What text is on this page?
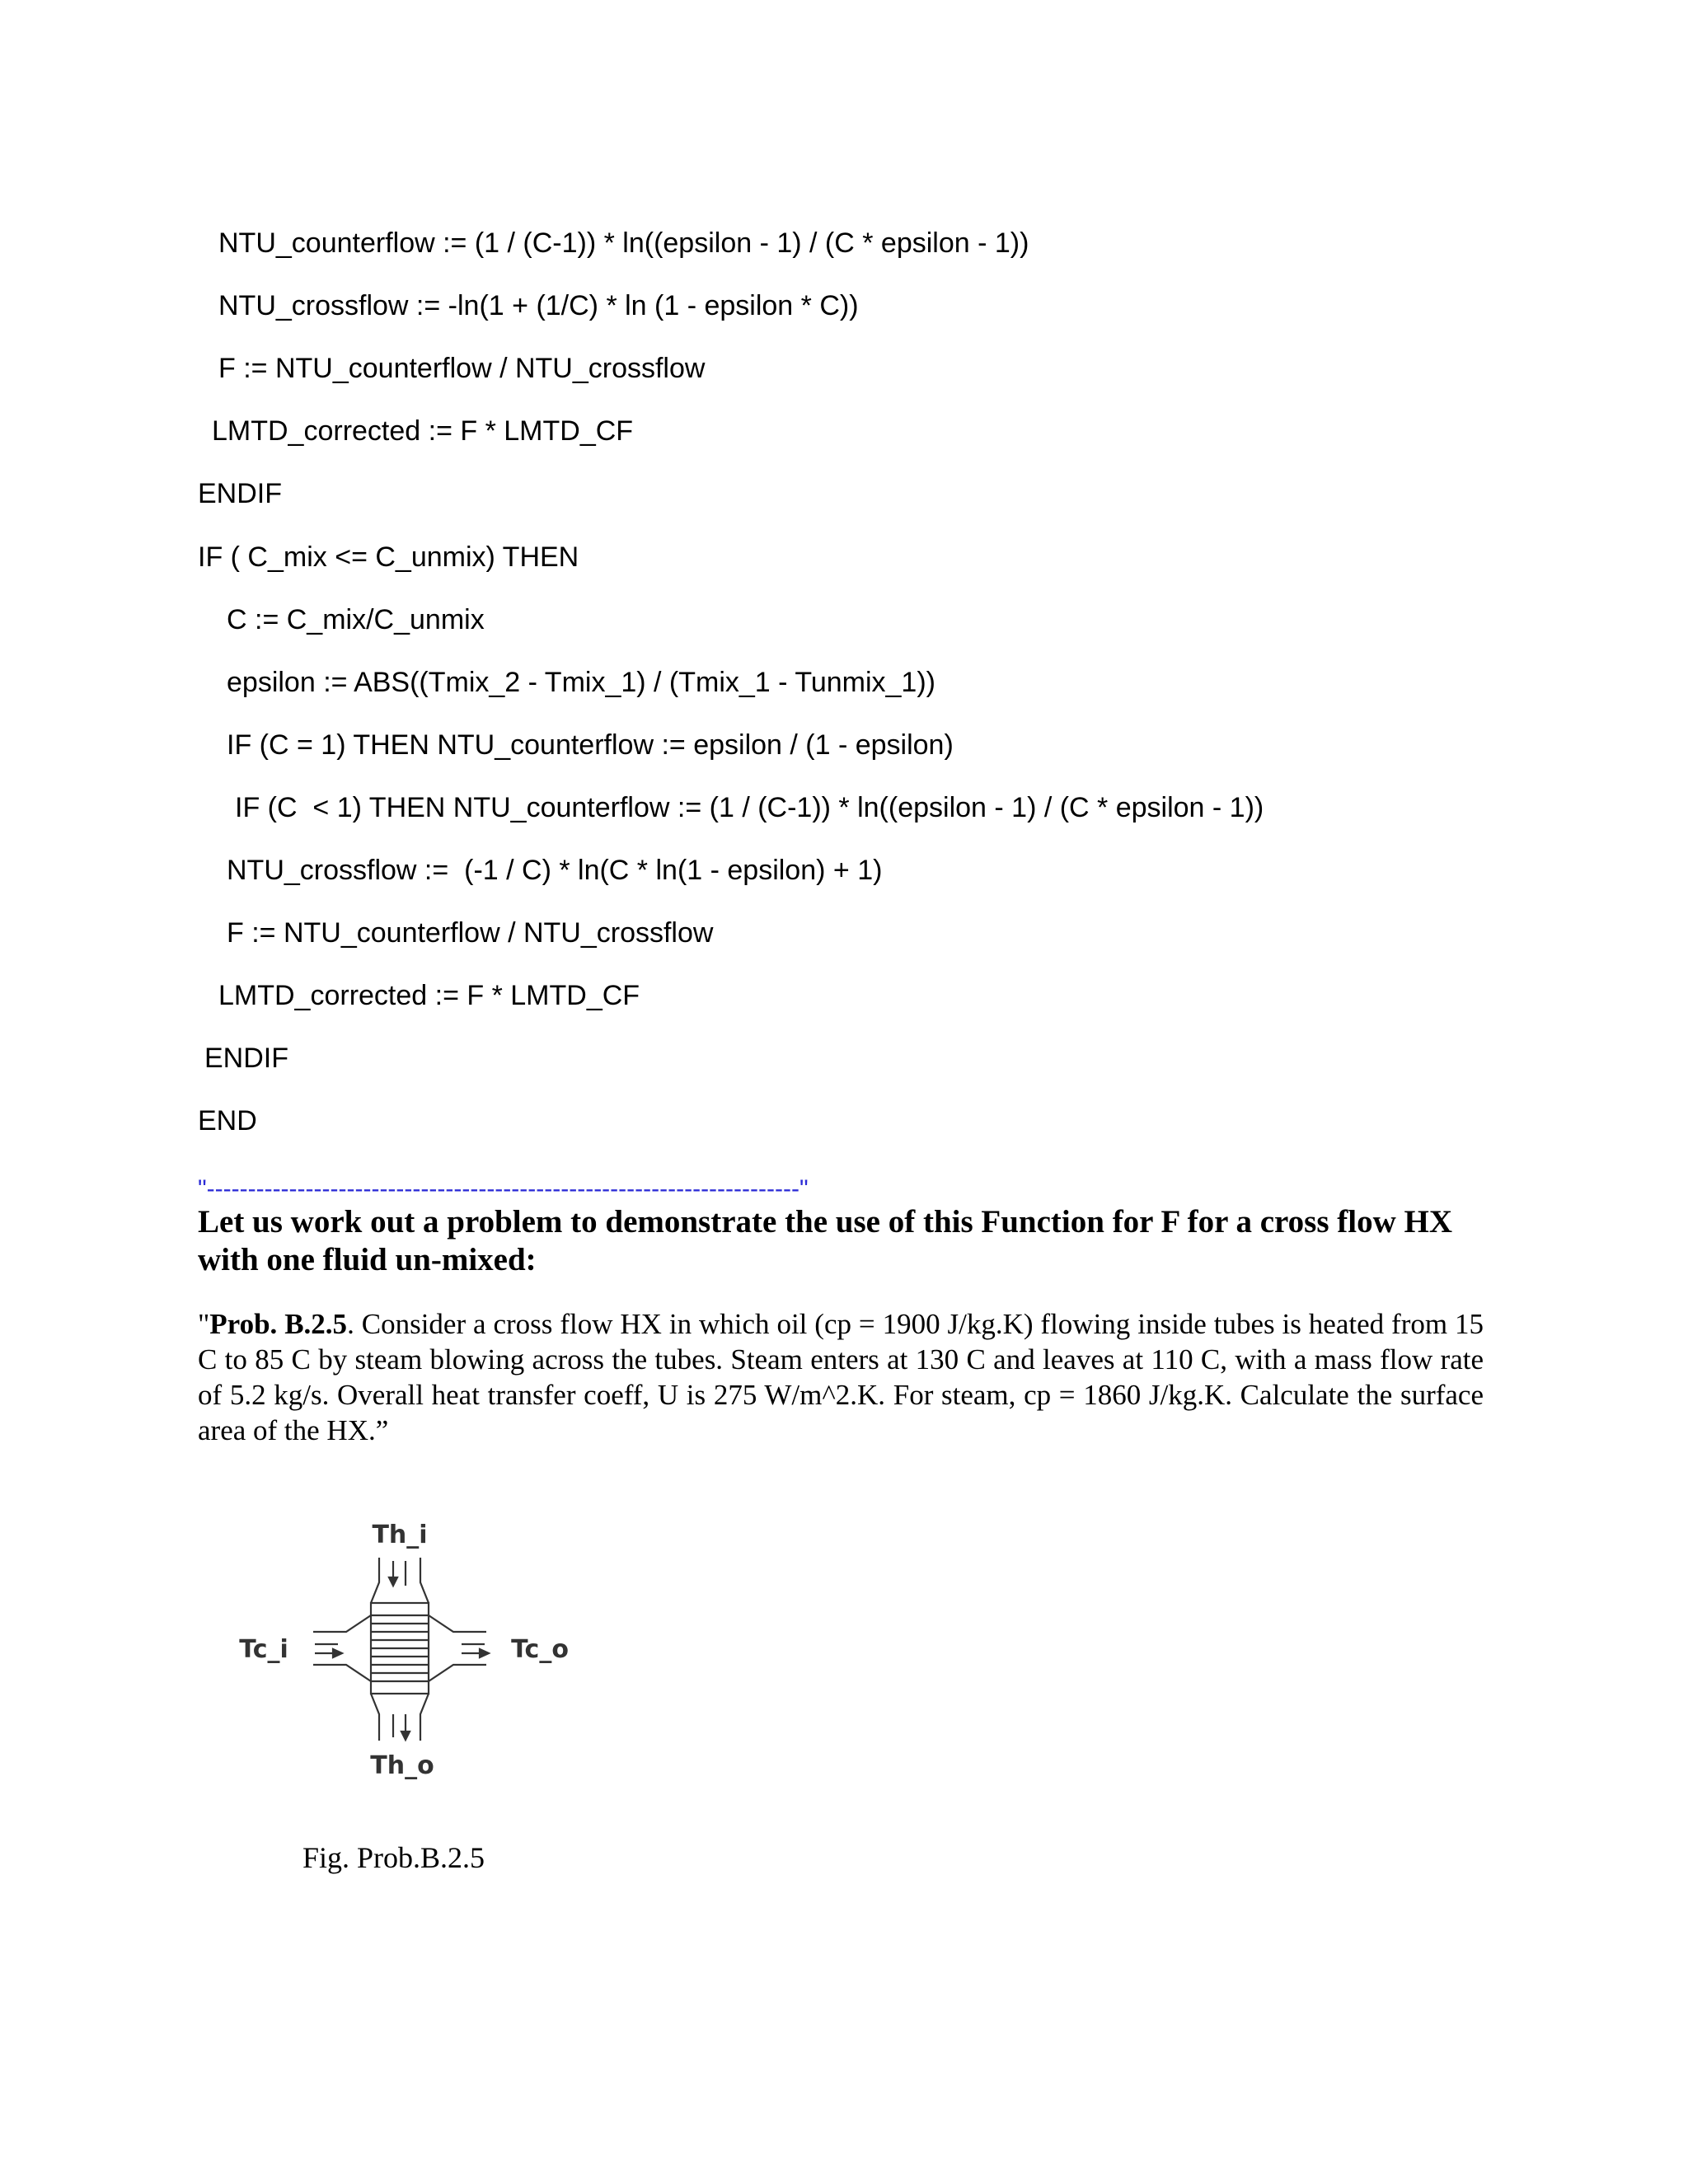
NTU_counterflow := (1 / (C-1)) * ln((epsilon - 1) / (C * epsilon - 1))
NTU_crossflow := -ln(1 + (1/C) * ln (1 - epsilon * C))
F := NTU_counterflow / NTU_crossflow
LMTD_corrected := F * LMTD_CF
ENDIF
IF ( C_mix <= C_unmix) THEN
C := C_mix/C_unmix
epsilon := ABS((Tmix_2 - Tmix_1) / (Tmix_1 - Tunmix_1))
IF (C = 1) THEN NTU_counterflow := epsilon / (1 - epsilon)
IF (C  < 1) THEN NTU_counterflow := (1 / (C-1)) * ln((epsilon - 1) / (C * epsilon - 1))
NTU_crossflow :=  (-1 / C) * ln(C * ln(1 - epsilon) + 1)
F := NTU_counterflow / NTU_crossflow
LMTD_corrected := F * LMTD_CF
ENDIF
END
"------------------------------------------------------------------------"
Let us work out a problem to demonstrate the use of this Function for F for a cross flow HX with one fluid un-mixed:

"Prob. B.2.5. Consider a cross flow HX in which oil (cp = 1900 J/kg.K) flowing inside tubes is heated from 15 C to 85 C by steam blowing across the tubes. Steam enters at 130 C and leaves at 110 C, with a mass flow rate of 5.2 kg/s. Overall heat transfer coeff, U is 275 W/m^2.K. For steam, cp = 1860 J/kg.K. Calculate the surface area of the HX.”

Th_i
Th_o
Tc_i	Tc_o

Fig. Prob.B.2.5
